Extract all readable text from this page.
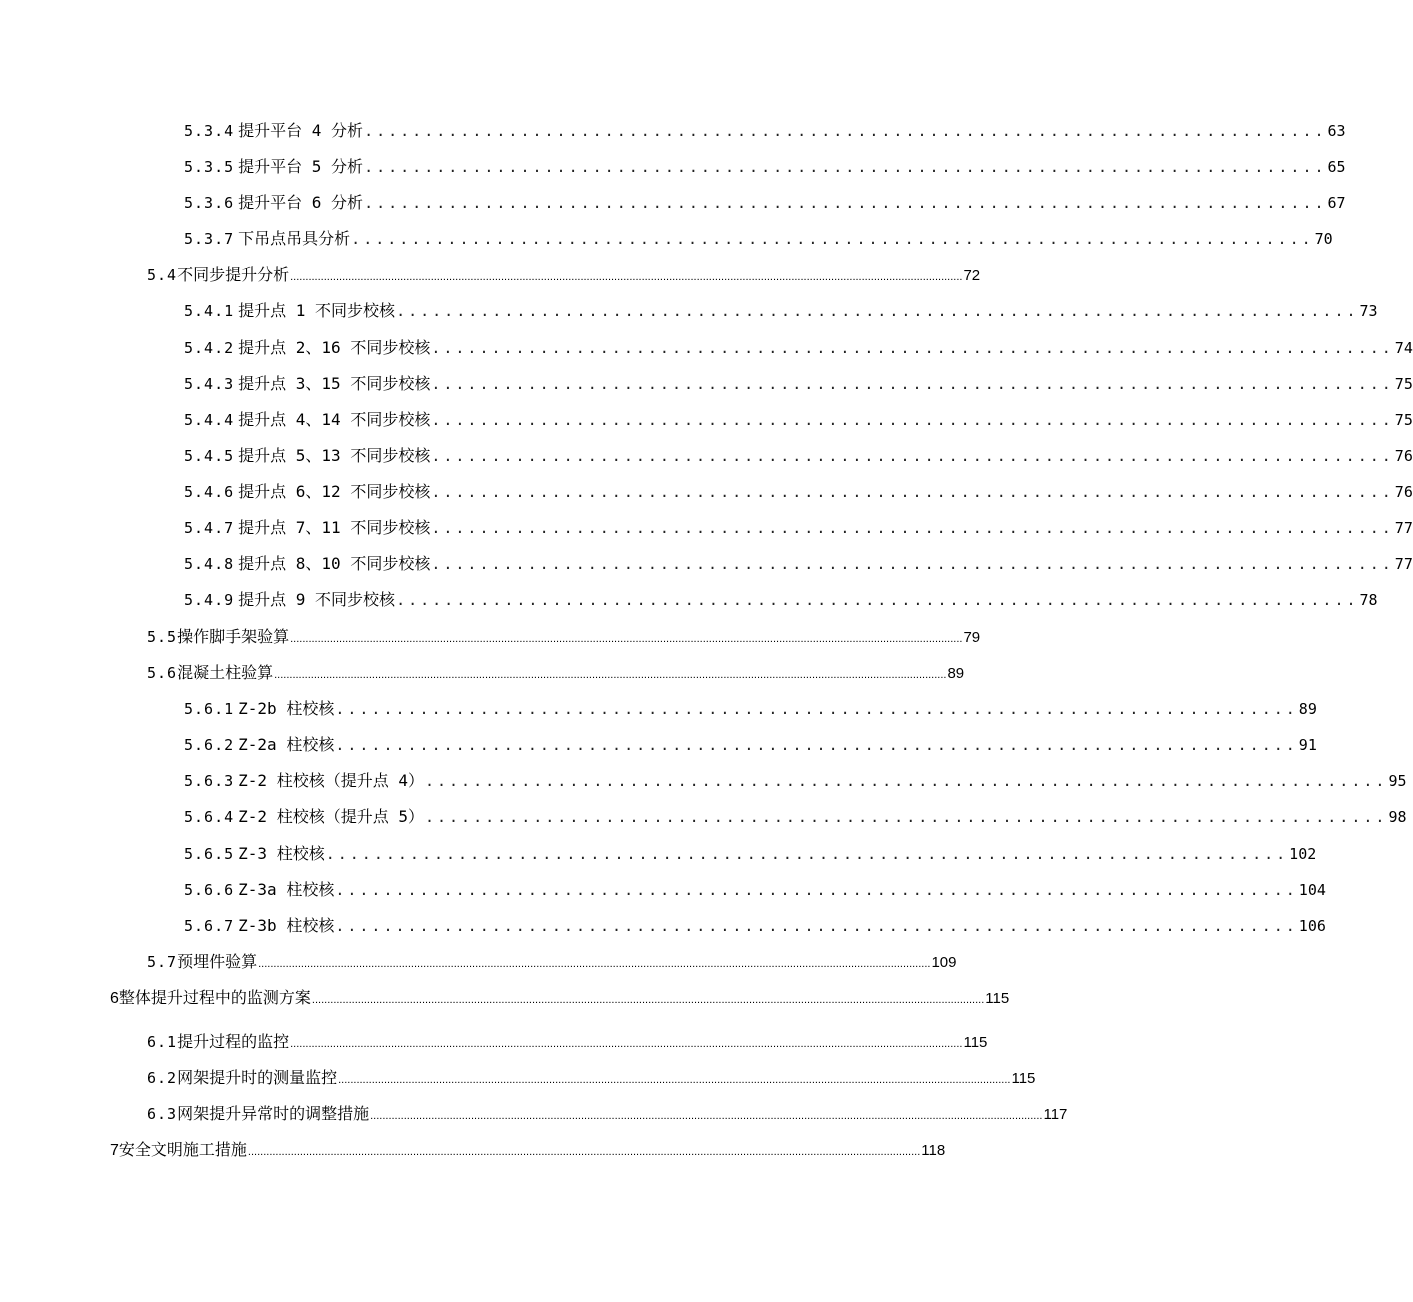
5.3.4
提升平台 4 分析 ................................................................................ 63
5.3.5
提升平台 5 分析 ................................................................................ 65
5.3.6
提升平台 6 分析 ................................................................................ 67
5.3.7
下吊点吊具分析 ................................................................................ 70
5.4 不同步提升分析 ............................................................................................................................................................................................................................ 72
5.4.1
提升点 1 不同步校核 ................................................................................ 73
5.4.2
提升点 2、16 不同步校核 ................................................................................ 74
5.4.3
提升点 3、15 不同步校核 ................................................................................ 75
5.4.4
提升点 4、14 不同步校核 ................................................................................ 75
5.4.5
提升点 5、13 不同步校核 ................................................................................ 76
5.4.6
提升点 6、12 不同步校核 ................................................................................ 76
5.4.7
提升点 7、11 不同步校核 ................................................................................ 77
5.4.8
提升点 8、10 不同步校核 ................................................................................ 77
5.4.9
提升点 9 不同步校核 ................................................................................ 78
5.5 操作脚手架验算 ............................................................................................................................................................................................................................ 79
5.6 混凝土柱验算 ............................................................................................................................................................................................................................ 89
5.6.1
Z-2b 柱校核 ................................................................................ 89
5.6.2
Z-2a 柱校核 ................................................................................ 91
5.6.3
Z-2 柱校核（提升点 4） ................................................................................ 95
5.6.4
Z-2 柱校核（提升点 5） ................................................................................ 98
5.6.5
Z-3 柱校核 ................................................................................ 102
5.6.6
Z-3a 柱校核 ................................................................................ 104
5.6.7
Z-3b 柱校核 ................................................................................ 106
5.7 预埋件验算 ............................................................................................................................................................................................................................ 109
6 整体提升过程中的监测方案 ............................................................................................................................................................................................................................ 115
6.1 提升过程的监控 ............................................................................................................................................................................................................................ 115
6.2 网架提升时的测量监控 ............................................................................................................................................................................................................................ 115
6.3 网架提升异常时的调整措施 ............................................................................................................................................................................................................................ 117
7 安全文明施工措施 ............................................................................................................................................................................................................................ 118
